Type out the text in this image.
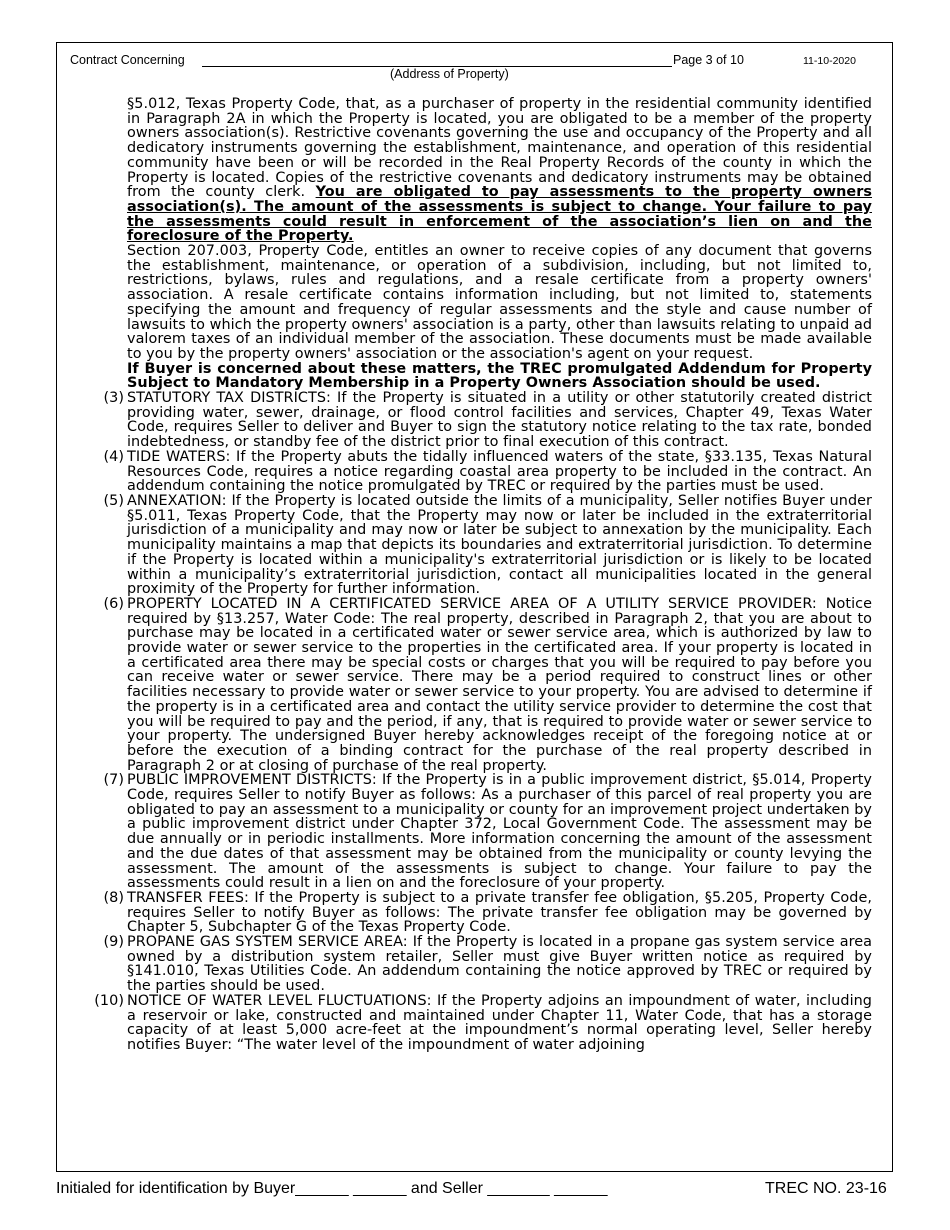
Contract Concerning
(Address of Property)
Page 3 of 10	11-10-2020

§5.012, Texas Property Code, that, as a purchaser of property in the residential community identified in Paragraph 2A in which the Property is located, you are obligated to be a member of the property owners association(s). Restrictive covenants governing the use and occupancy of the Property and all dedicatory instruments governing the establishment, maintenance, and operation of this residential community have been or will be recorded in the Real Property Records of the county in which the Property is located. Copies of the restrictive covenants and dedicatory instruments may be obtained from the county clerk. You are obligated to pay assessments to the property owners association(s). The amount of the assessments is subject to change. Your failure to pay the assessments could result in enforcement of the association’s lien on and the foreclosure of the Property.

Section 207.003, Property Code, entitles an owner to receive copies of any document that governs the establishment, maintenance, or operation of a subdivision, including, but not limited to, restrictions, bylaws, rules and regulations, and a resale certificate from a property owners' association. A resale certificate contains information including, but not limited to, statements specifying the amount and frequency of regular assessments and the style and cause number of lawsuits to which the property owners' association is a party, other than lawsuits relating to unpaid ad valorem taxes of an individual member of the association. These documents must be made available to you by the property owners' association or the association's agent on your request.

If Buyer is concerned about these matters, the TREC promulgated Addendum for Property Subject to Mandatory Membership in a Property Owners Association should be used.

(3) STATUTORY TAX DISTRICTS: If the Property is situated in a utility or other statutorily created district providing water, sewer, drainage, or flood control facilities and services, Chapter 49, Texas Water Code, requires Seller to deliver and Buyer to sign the statutory notice relating to the tax rate, bonded indebtedness, or standby fee of the district prior to final execution of this contract.
(4) TIDE WATERS: If the Property abuts the tidally influenced waters of the state, §33.135, Texas Natural Resources Code, requires a notice regarding coastal area property to be included in the contract. An addendum containing the notice promulgated by TREC or required by the parties must be used.
(5) ANNEXATION: If the Property is located outside the limits of a municipality, Seller notifies Buyer under §5.011, Texas Property Code, that the Property may now or later be included in the extraterritorial jurisdiction of a municipality and may now or later be subject to annexation by the municipality. Each municipality maintains a map that depicts its boundaries and extraterritorial jurisdiction. To determine if the Property is located within a municipality's extraterritorial jurisdiction or is likely to be located within a municipality’s extraterritorial jurisdiction, contact all municipalities located in the general proximity of the Property for further information.
(6) PROPERTY LOCATED IN A CERTIFICATED SERVICE AREA OF A UTILITY SERVICE PROVIDER: Notice required by §13.257, Water Code: The real property, described in Paragraph 2, that you are about to purchase may be located in a certificated water or sewer service area, which is authorized by law to provide water or sewer service to the properties in the certificated area. If your property is located in a certificated area there may be special costs or charges that you will be required to pay before you can receive water or sewer service. There may be a period required to construct lines or other facilities necessary to provide water or sewer service to your property. You are advised to determine if the property is in a certificated area and contact the utility service provider to determine the cost that you will be required to pay and the period, if any, that is required to provide water or sewer service to your property. The undersigned Buyer hereby acknowledges receipt of the foregoing notice at or before the execution of a binding contract for the purchase of the real property described in Paragraph 2 or at closing of purchase of the real property.
(7) PUBLIC IMPROVEMENT DISTRICTS: If the Property is in a public improvement district, §5.014, Property Code, requires Seller to notify Buyer as follows: As a purchaser of this parcel of real property you are obligated to pay an assessment to a municipality or county for an improvement project undertaken by a public improvement district under Chapter 372, Local Government Code. The assessment may be due annually or in periodic installments. More information concerning the amount of the assessment and the due dates of that assessment may be obtained from the municipality or county levying the assessment. The amount of the assessments is subject to change. Your failure to pay the assessments could result in a lien on and the foreclosure of your property.
(8) TRANSFER FEES: If the Property is subject to a private transfer fee obligation, §5.205, Property Code, requires Seller to notify Buyer as follows: The private transfer fee obligation may be governed by Chapter 5, Subchapter G of the Texas Property Code.
(9) PROPANE GAS SYSTEM SERVICE AREA: If the Property is located in a propane gas system service area owned by a distribution system retailer, Seller must give Buyer written notice as required by §141.010, Texas Utilities Code. An addendum containing the notice approved by TREC or required by the parties should be used.
(10) NOTICE OF WATER LEVEL FLUCTUATIONS: If the Property adjoins an impoundment of water, including a reservoir or lake, constructed and maintained under Chapter 11, Water Code, that has a storage capacity of at least 5,000 acre-feet at the impoundment’s normal operating level, Seller hereby notifies Buyer: “The water level of the impoundment of water adjoining
Initialed for identification by Buyer______ ______ and Seller _______ ______	TREC NO. 23-16
